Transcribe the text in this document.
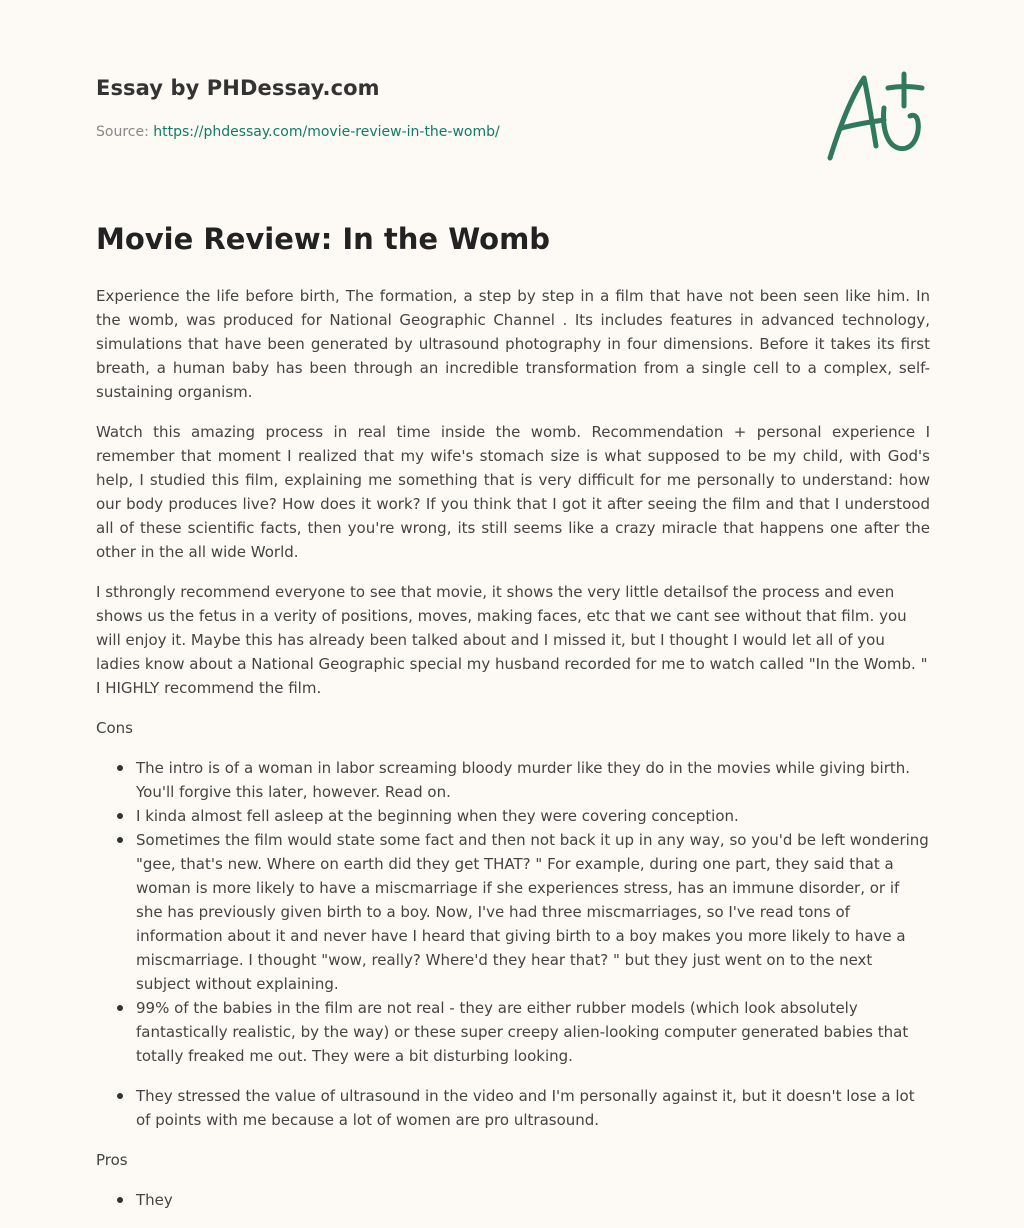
Essay by PHDessay.com
Source: https://phdessay.com/movie-review-in-the-womb/
Movie Review: In the Womb

Experience the life before birth, The formation, a step by step in a film that have not been seen like him. In the womb, was produced for National Geographic Channel . Its includes features in advanced technology, simulations that have been generated by ultrasound photography in four dimensions. Before it takes its first breath, a human baby has been through an incredible transformation from a single cell to a complex, self-sustaining organism.

Watch this amazing process in real time inside the womb. Recommendation + personal experience I remember that moment I realized that my wife's stomach size is what supposed to be my child, with God's help, I studied this film, explaining me something that is very difficult for me personally to understand: how our body produces live? How does it work? If you think that I got it after seeing the film and that I understood all of these scientific facts, then you're wrong, its still seems like a crazy miracle that happens one after the other in the all wide World.

I sthrongly recommend everyone to see that movie, it shows the very little detailsof the process and even shows us the fetus in a verity of positions, moves, making faces, etc that we cant see without that film. you will enjoy it. Maybe this has already been talked about and I missed it, but I thought I would let all of you ladies know about a National Geographic special my husband recorded for me to watch called "In the Womb. " I HIGHLY recommend the film.

Cons
The intro is of a woman in labor screaming bloody murder like they do in the movies while giving birth. You'll forgive this later, however. Read on.
I kinda almost fell asleep at the beginning when they were covering conception.
Sometimes the film would state some fact and then not back it up in any way, so you'd be left wondering "gee, that's new. Where on earth did they get THAT? " For example, during one part, they said that a woman is more likely to have a miscmarriage if she experiences stress, has an immune disorder, or if she has previously given birth to a boy. Now, I've had three miscmarriages, so I've read tons of information about it and never have I heard that giving birth to a boy makes you more likely to have a miscmarriage. I thought "wow, really? Where'd they hear that? " but they just went on to the next subject without explaining.
99% of the babies in the film are not real - they are either rubber models (which look absolutely fantastically realistic, by the way) or these super creepy alien-looking computer generated babies that totally freaked me out. They were a bit disturbing looking.
They stressed the value of ultrasound in the video and I'm personally against it, but it doesn't lose a lot of points with me because a lot of women are pro ultrasound.
Pros
They
